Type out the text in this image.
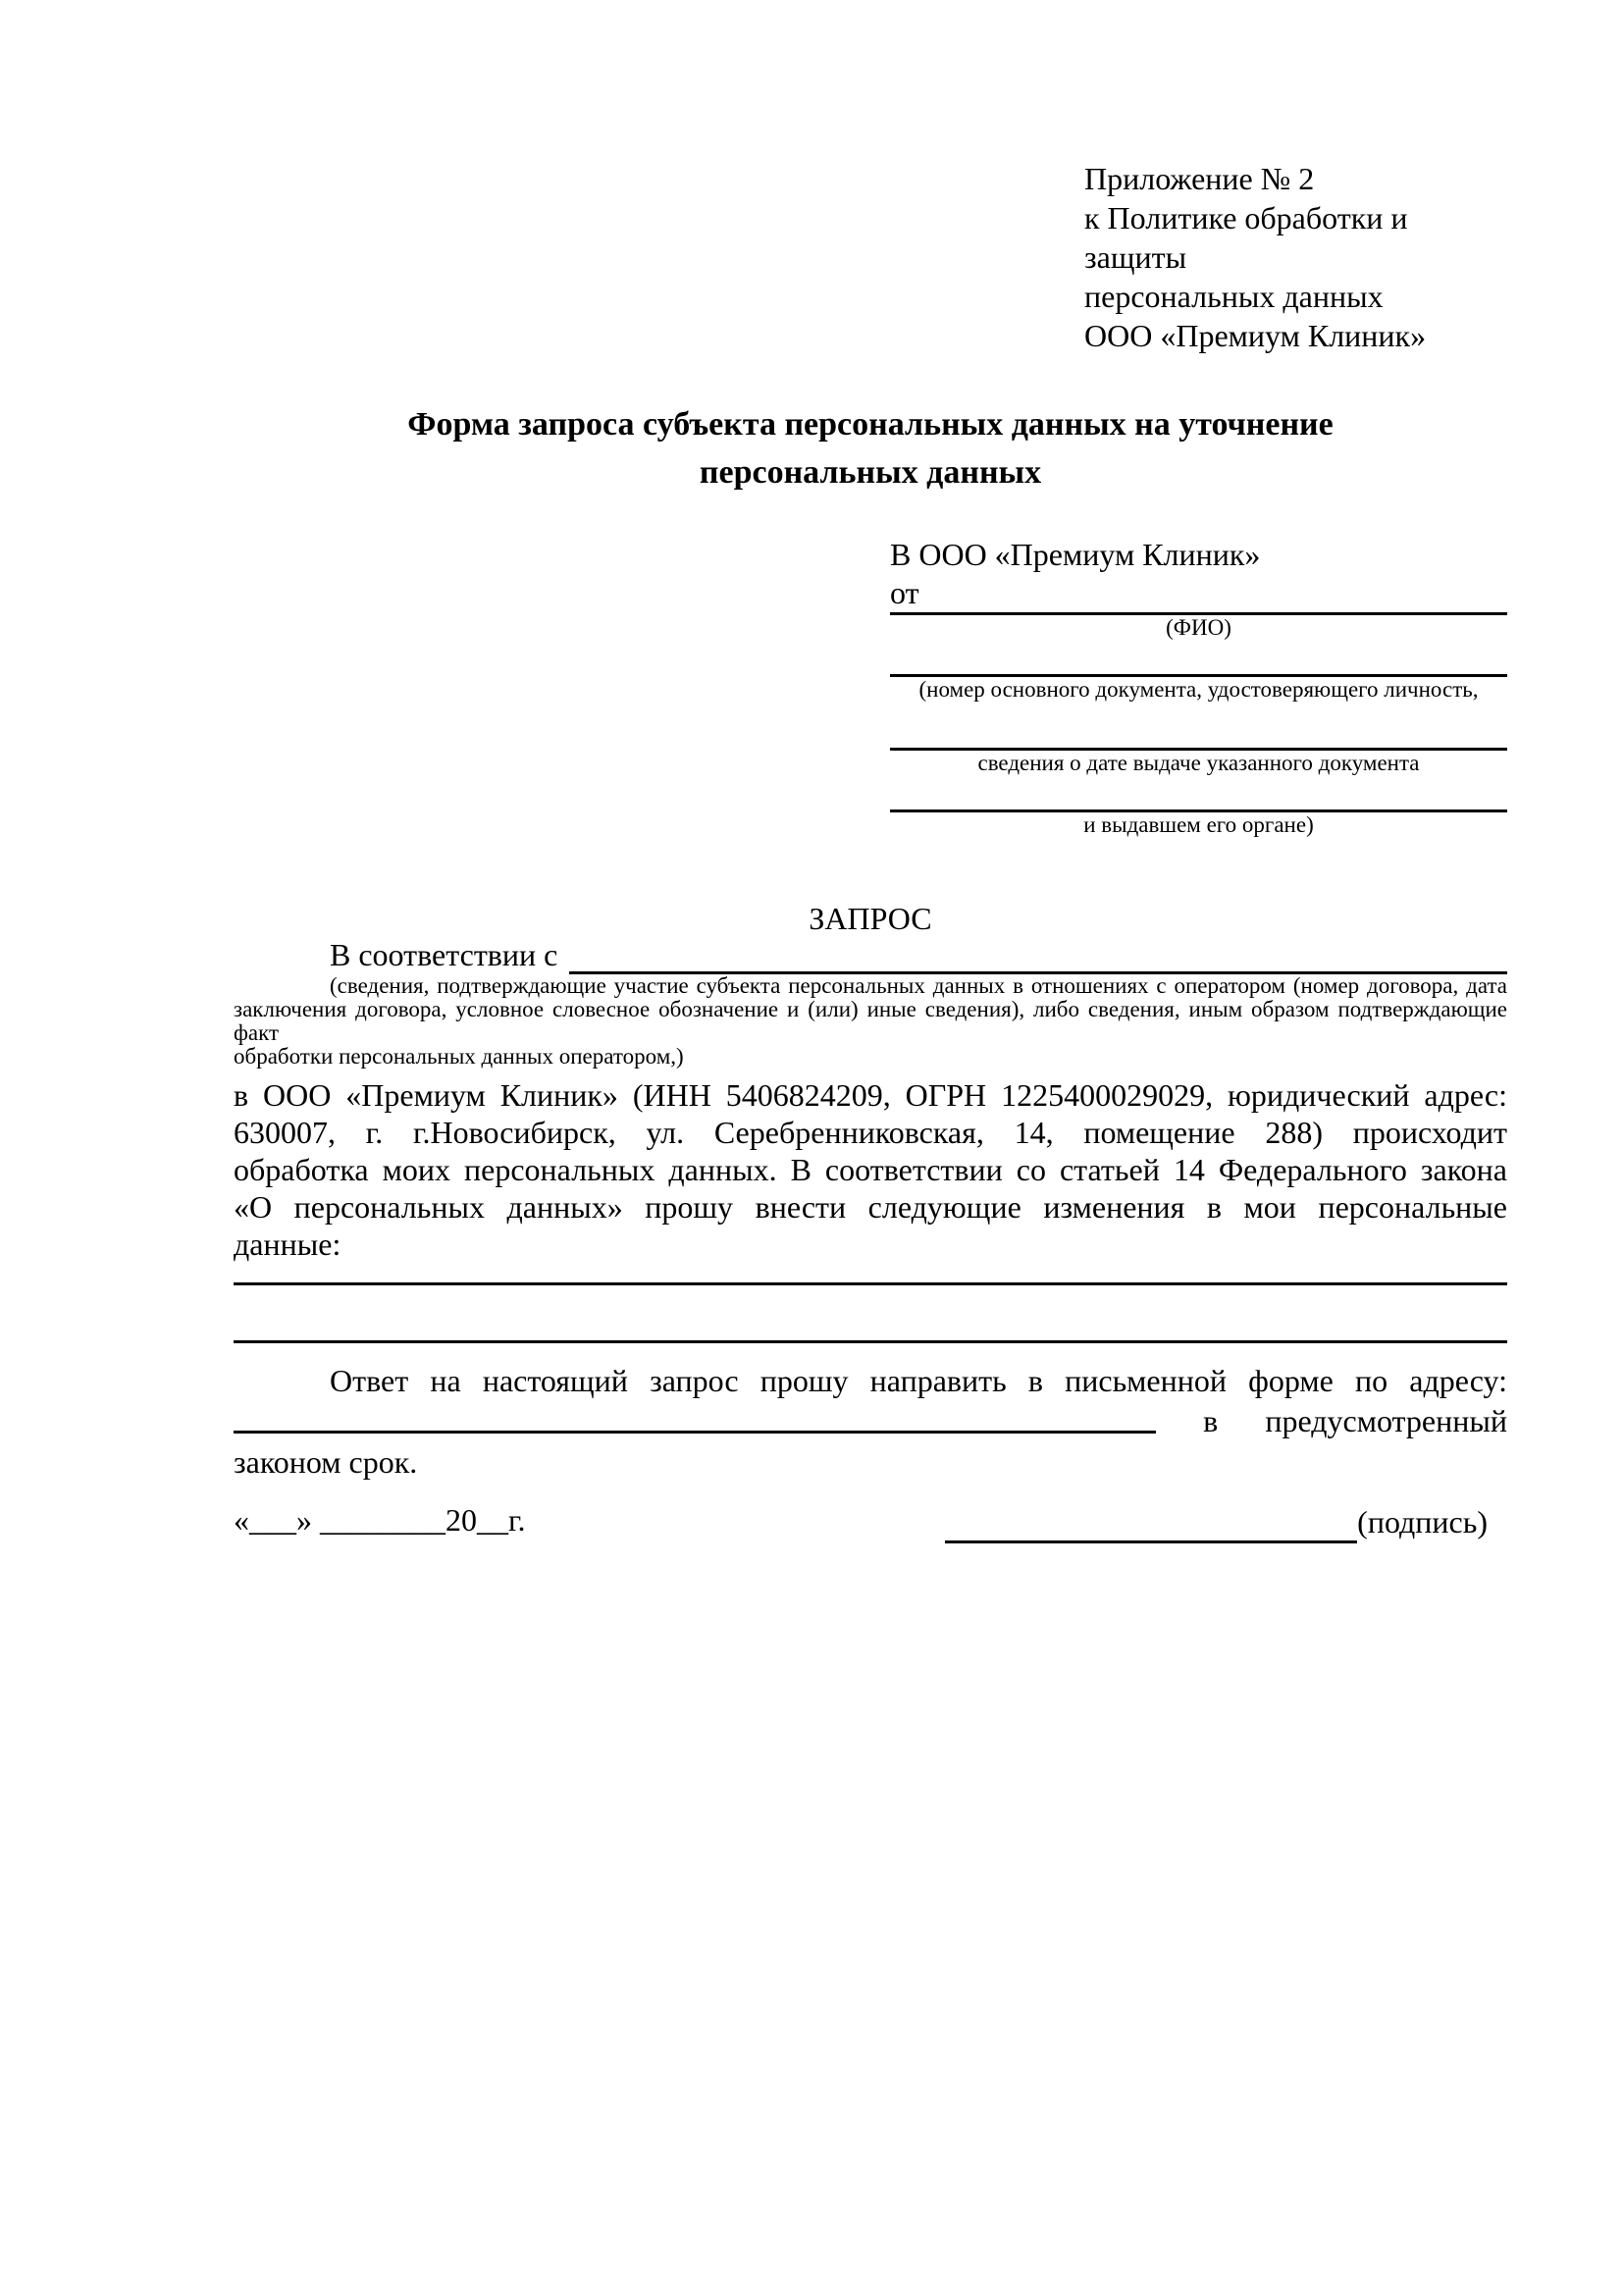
Приложение № 2
к Политике обработки и защиты
персональных данных
ООО «Премиум Клиник»
Форма запроса субъекта персональных данных на уточнение
персональных данных
В ООО «Премиум Клиник»
от
(ФИО)
(номер основного документа, удостоверяющего личность,
сведения о дате выдаче указанного документа
и выдавшем его органе)
ЗАПРОС
В соответствии с
(сведения, подтверждающие участие субъекта персональных данных в отношениях с оператором (номер договора, дата
заключения договора, условное словесное обозначение и (или) иные сведения), либо сведения, иным образом подтверждающие факт
обработки персональных данных оператором,)
в ООО «Премиум Клиник» (ИНН 5406824209, ОГРН 1225400029029, юридический адрес:
630007, г. г.Новосибирск, ул. Серебренниковская, 14, помещение 288) происходит
обработка моих персональных данных. В соответствии со статьей 14 Федерального закона
«О персональных данных» прошу внести следующие изменения в мои персональные
данные:
Ответ на настоящий запрос прошу направить в письменной форме по адресу:
в предусмотренный
законом срок.
«___» ________20__г.	(подпись)
